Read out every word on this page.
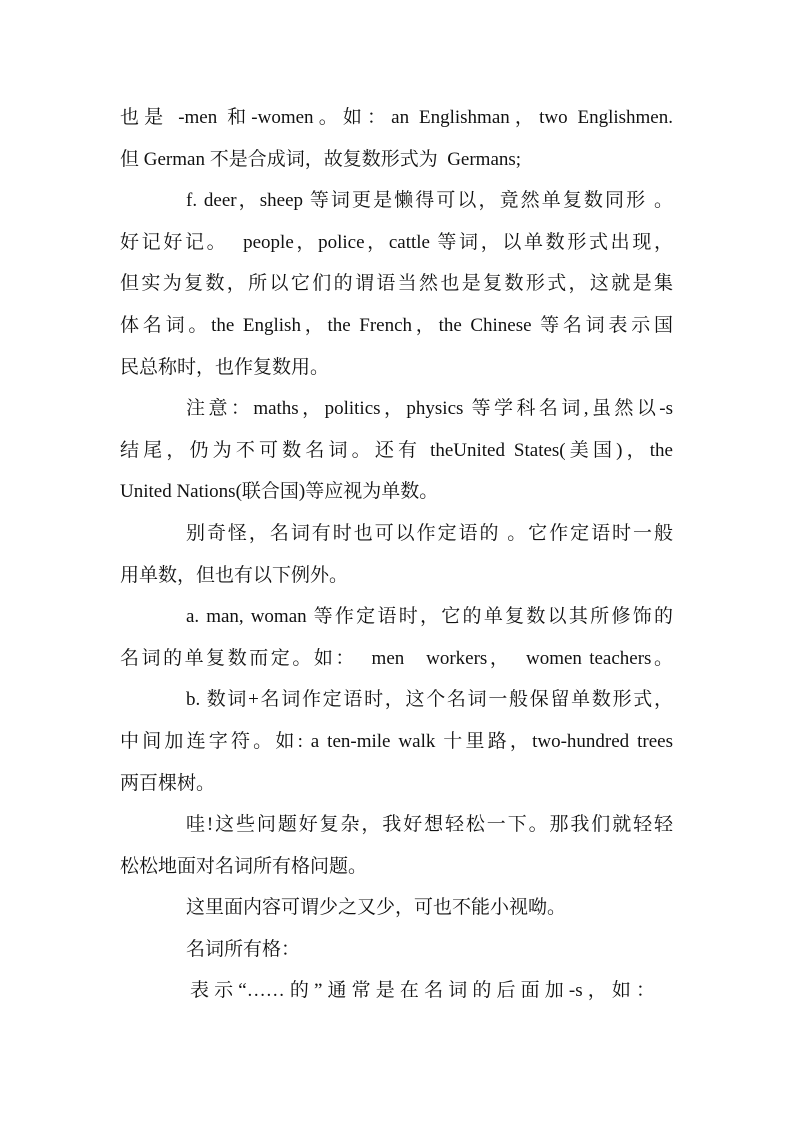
也是 -men 和-women。如：an Englishman，two Englishmen.
但 German 不是合成词，故复数形式为  Germans;
f. deer，sheep 等词更是懒得可以，竟然单复数同形 。
好记好记。  people，police，cattle 等词，以单数形式出现，
但实为复数，所以它们的谓语当然也是复数形式，这就是集
体名词。the English，the French，the Chinese 等名词表示国
民总称时，也作复数用。
注意：maths，politics，physics 等学科名词,虽然以-s
结尾，仍为不可数名词。还有 theUnited States(美国)，the
United Nations(联合国)等应视为单数。
别奇怪，名词有时也可以作定语的 。它作定语时一般
用单数，但也有以下例外。
a. man, woman 等作定语时，它的单复数以其所修饰的
名词的单复数而定。如：  men   workers，  women teachers。
b. 数词+名词作定语时，这个名词一般保留单数形式，
中间加连字符。如: a ten-mile walk 十里路，two-hundred trees
两百棵树。
哇!这些问题好复杂，我好想轻松一下。那我们就轻轻
松松地面对名词所有格问题。
这里面内容可谓少之又少，可也不能小视呦。
名词所有格：
表示“……的”通常是在名词的后面加-s，如：
